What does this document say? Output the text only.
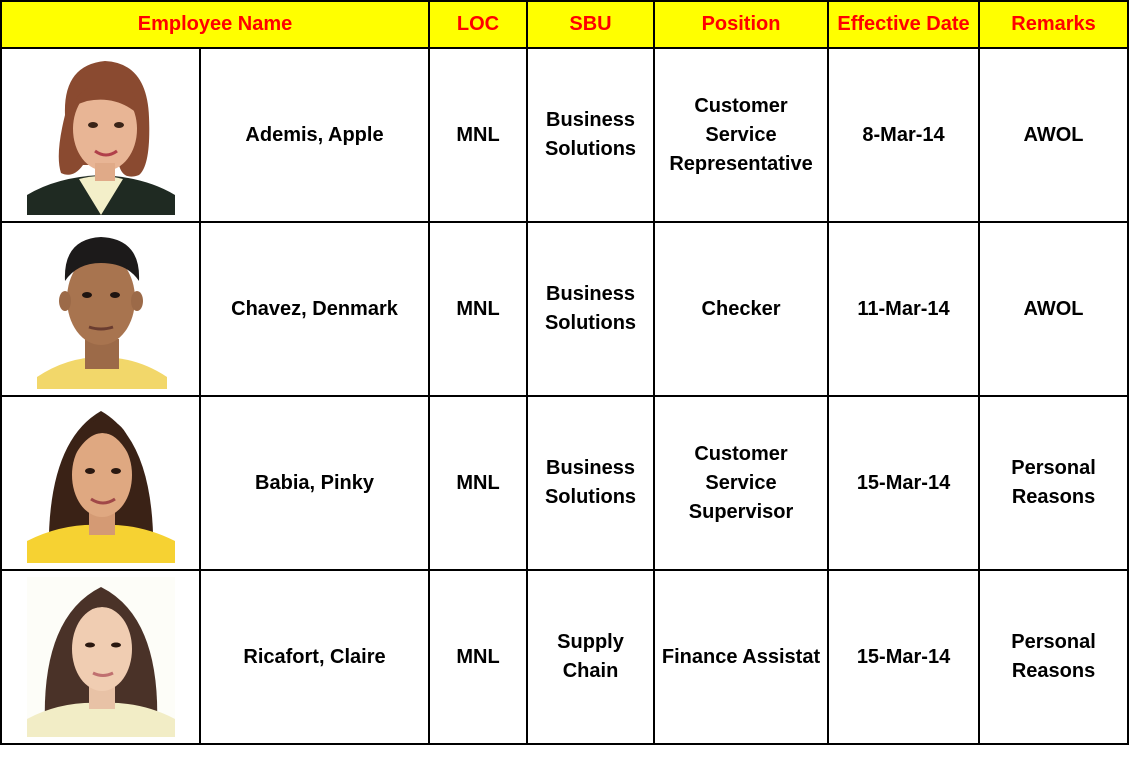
Employee Name		LOC	SBU	Position	Effective Date	Remarks

	Ademis, Apple	MNL	Business Solutions	Customer Service Representative	8-Mar-14	AWOL

	Chavez, Denmark	MNL	Business Solutions	Checker	11-Mar-14	AWOL

	Babia, Pinky	MNL	Business Solutions	Customer Service Supervisor	15-Mar-14	Personal Reasons

	Ricafort, Claire	MNL	Supply Chain	Finance Assistat	15-Mar-14	Personal Reasons
